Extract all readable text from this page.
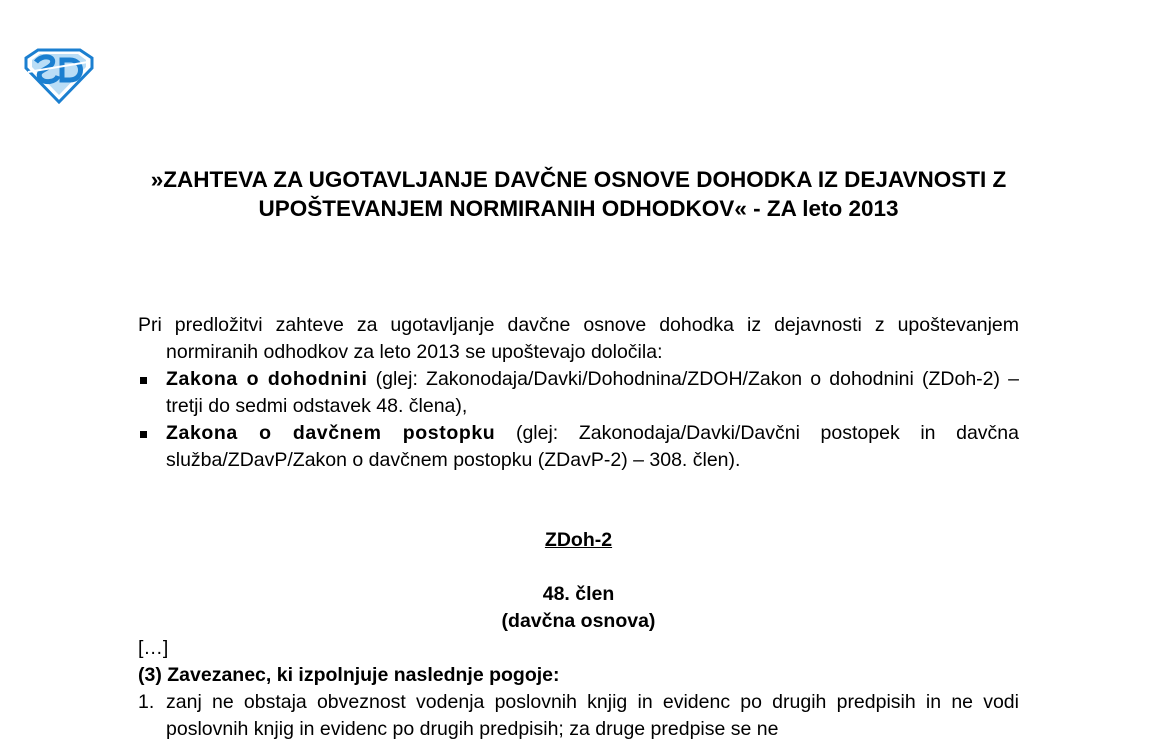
»ZAHTEVA ZA UGOTAVLJANJE DAVČNE OSNOVE DOHODKA IZ DEJAVNOSTI Z UPOŠTEVANJEM NORMIRANIH ODHODKOV« - ZA leto 2013

Pri predložitvi zahteve za ugotavljanje davčne osnove dohodka iz dejavnosti z upoštevanjem normiranih odhodkov za leto 2013 se upoštevajo določila:

Zakona o dohodnini (glej: Zakonodaja/Davki/Dohodnina/ZDOH/Zakon o dohodnini (ZDoh-2) – tretji do sedmi odstavek 48. člena),
Zakona o davčnem postopku (glej: Zakonodaja/Davki/Davčni postopek in davčna služba/ZDavP/Zakon o davčnem postopku (ZDavP-2) – 308. člen).

ZDoh-2

48. člen

(davčna osnova)

[…]
(3) Zavezanec, ki izpolnjuje naslednje pogoje:
1. zanj ne obstaja obveznost vodenja poslovnih knjig in evidenc po drugih predpisih in ne vodi poslovnih knjig in evidenc po drugih predpisih; za druge predpise se ne
